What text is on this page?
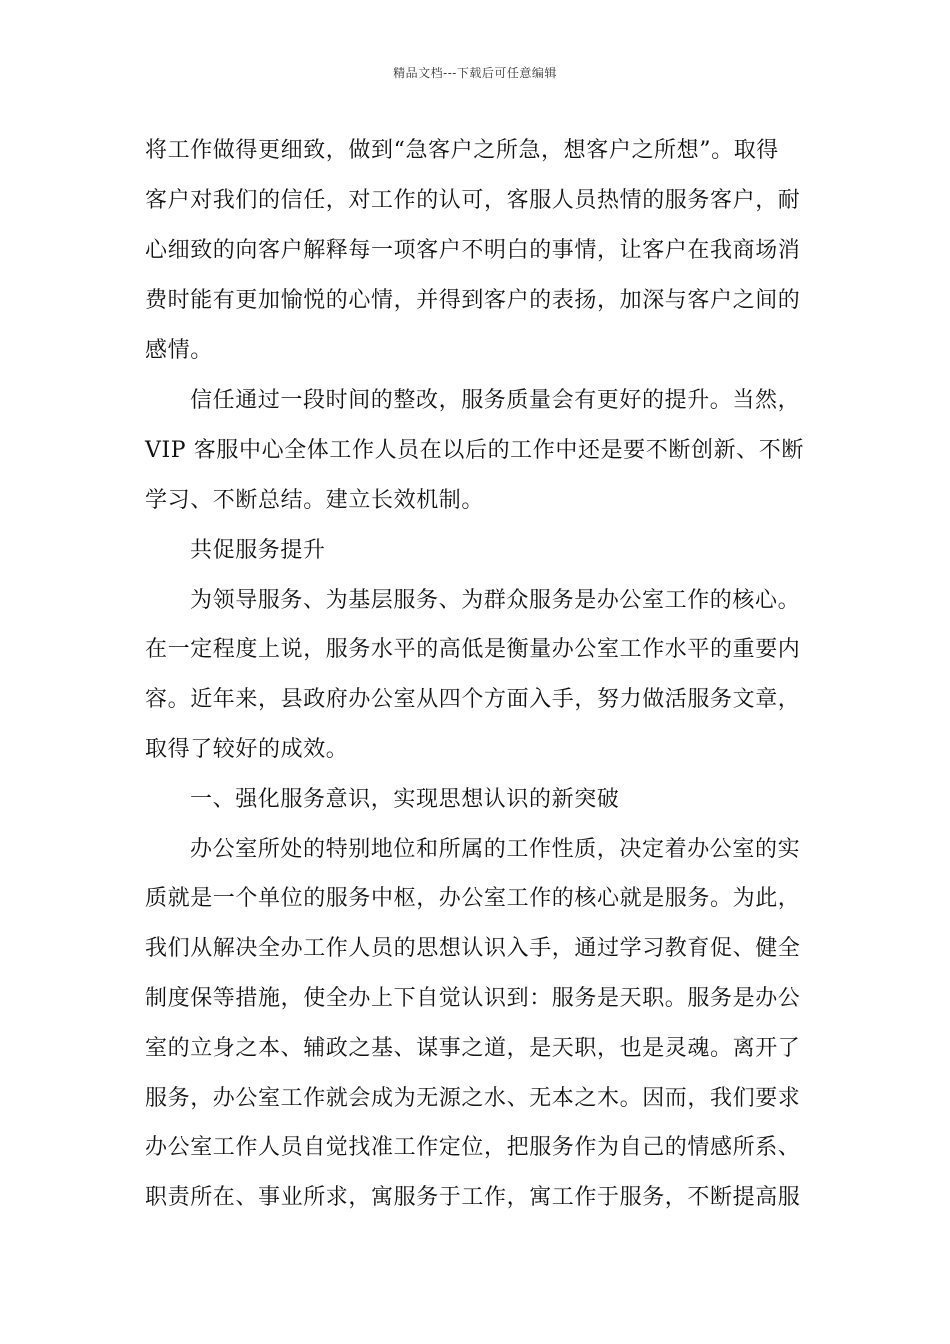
精品文档---下载后可任意编辑
将工作做得更细致，做到“急客户之所急，想客户之所想”。取得
客户对我们的信任，对工作的认可，客服人员热情的服务客户，耐
心细致的向客户解释每一项客户不明白的事情，让客户在我商场消
费时能有更加愉悦的心情，并得到客户的表扬，加深与客户之间的
感情。
信任通过一段时间的整改，服务质量会有更好的提升。当然，
VIP 客服中心全体工作人员在以后的工作中还是要不断创新、不断
学习、不断总结。建立长效机制。
共促服务提升
为领导服务、为基层服务、为群众服务是办公室工作的核心。
在一定程度上说，服务水平的高低是衡量办公室工作水平的重要内
容。近年来，县政府办公室从四个方面入手，努力做活服务文章，
取得了较好的成效。
一、强化服务意识，实现思想认识的新突破
办公室所处的特别地位和所属的工作性质，决定着办公室的实
质就是一个单位的服务中枢，办公室工作的核心就是服务。为此，
我们从解决全办工作人员的思想认识入手，通过学习教育促、健全
制度保等措施，使全办上下自觉认识到：服务是天职。服务是办公
室的立身之本、辅政之基、谋事之道，是天职，也是灵魂。离开了
服务，办公室工作就会成为无源之水、无本之木。因而，我们要求
办公室工作人员自觉找准工作定位，把服务作为自己的情感所系、
职责所在、事业所求，寓服务于工作，寓工作于服务，不断提高服
